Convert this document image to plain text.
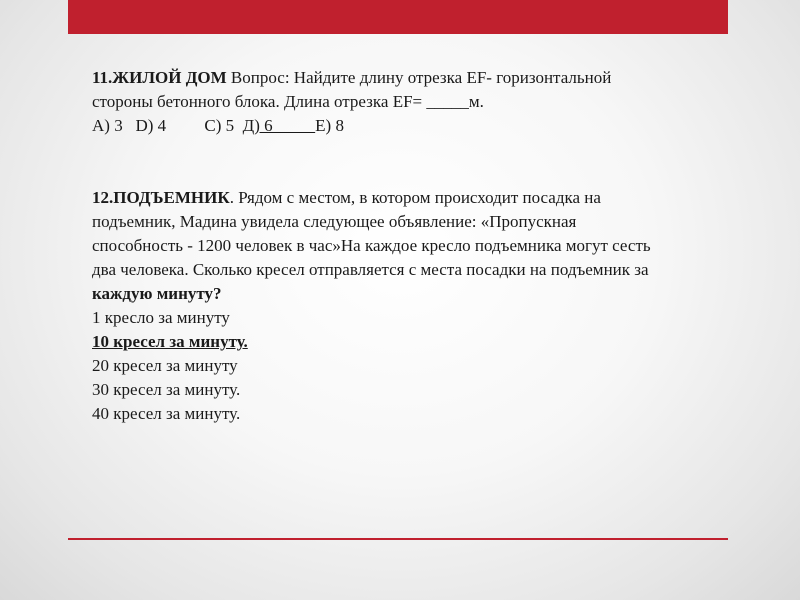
11.ЖИЛОЙ ДОМ Вопрос: Найдите длину отрезка EF- горизонтальной

стороны бетонного блока. Длина отрезка EF= _____м.

А) 3   D) 4         С) 5  Д) 6          Е) 8

12.ПОДЪЕМНИК. Рядом с местом, в котором происходит посадка на

подъемник, Мадина увидела следующее объявление: «Пропускная

способность - 1200 человек в час»На каждое кресло подъемника могут сесть

два человека. Сколько кресел отправляется с места посадки на подъемник за

каждую минуту?

1 кресло за минуту

10 кресел за минуту.

20 кресел за минуту

30 кресел за минуту.

40 кресел за минуту.
